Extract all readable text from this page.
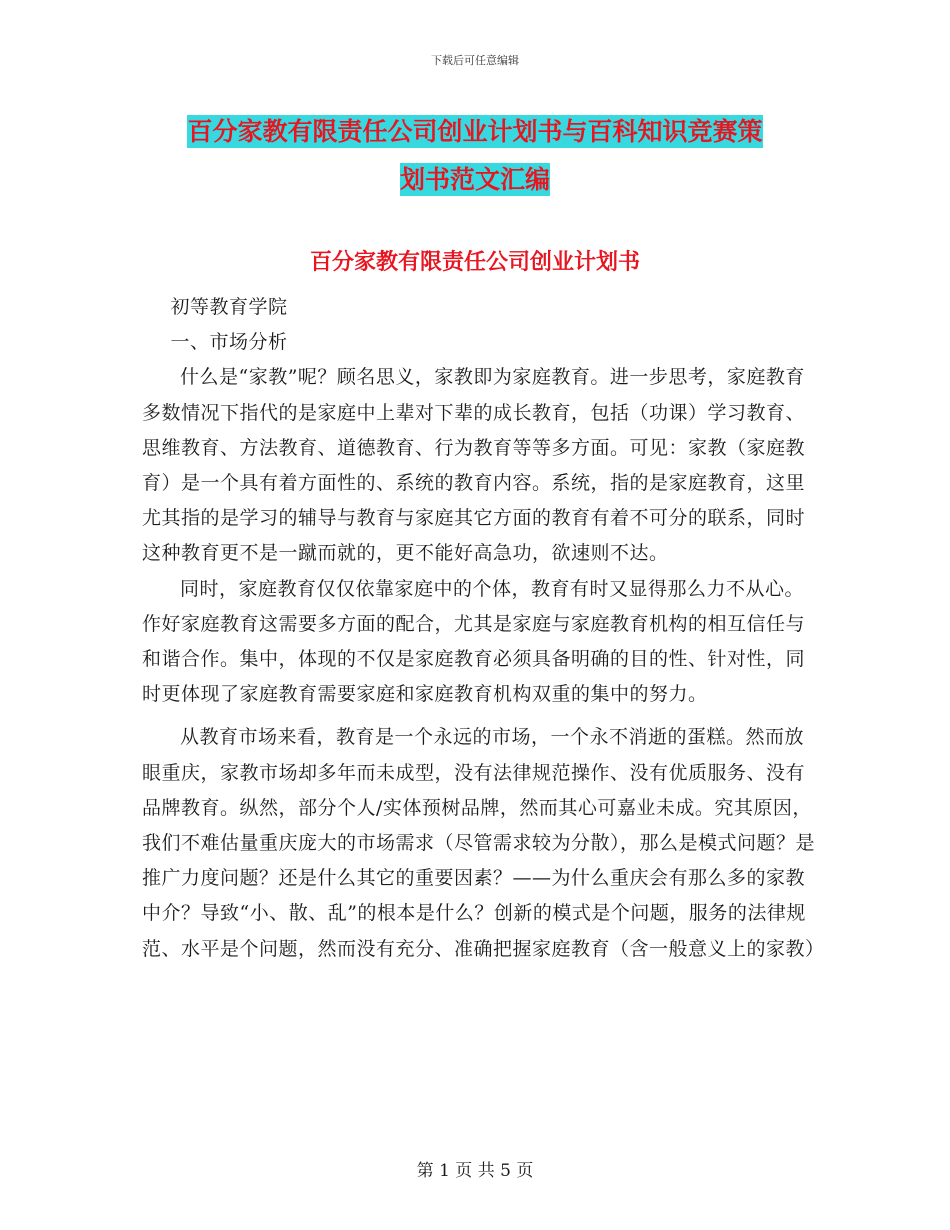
下载后可任意编辑
百分家教有限责任公司创业计划书与百科知识竞赛策
划书范文汇编
百分家教有限责任公司创业计划书

初等教育学院

一、市场分析

什么是“家教”呢？顾名思义，家教即为家庭教育。进一步思考，家庭教育多数情况下指代的是家庭中上辈对下辈的成长教育，包括（功课）学习教育、思维教育、方法教育、道德教育、行为教育等等多方面。可见：家教（家庭教育）是一个具有着方面性的、系统的教育内容。系统，指的是家庭教育，这里尤其指的是学习的辅导与教育与家庭其它方面的教育有着不可分的联系，同时这种教育更不是一蹴而就的，更不能好高急功，欲速则不达。

同时，家庭教育仅仅依靠家庭中的个体，教育有时又显得那么力不从心。作好家庭教育这需要多方面的配合，尤其是家庭与家庭教育机构的相互信任与和谐合作。集中，体现的不仅是家庭教育必须具备明确的目的性、针对性，同时更体现了家庭教育需要家庭和家庭教育机构双重的集中的努力。

从教育市场来看，教育是一个永远的市场，一个永不消逝的蛋糕。然而放眼重庆，家教市场却多年而未成型，没有法律规范操作、没有优质服务、没有品牌教育。纵然，部分个人/实体预树品牌，然而其心可嘉业未成。究其原因，我们不难估量重庆庞大的市场需求（尽管需求较为分散），那么是模式问题？是推广力度问题？还是什么其它的重要因素？——为什么重庆会有那么多的家教中介？导致“小、散、乱”的根本是什么？创新的模式是个问题，服务的法律规范、水平是个问题，然而没有充分、准确把握家庭教育（含一般意义上的家教）

第 1 页 共 5 页
